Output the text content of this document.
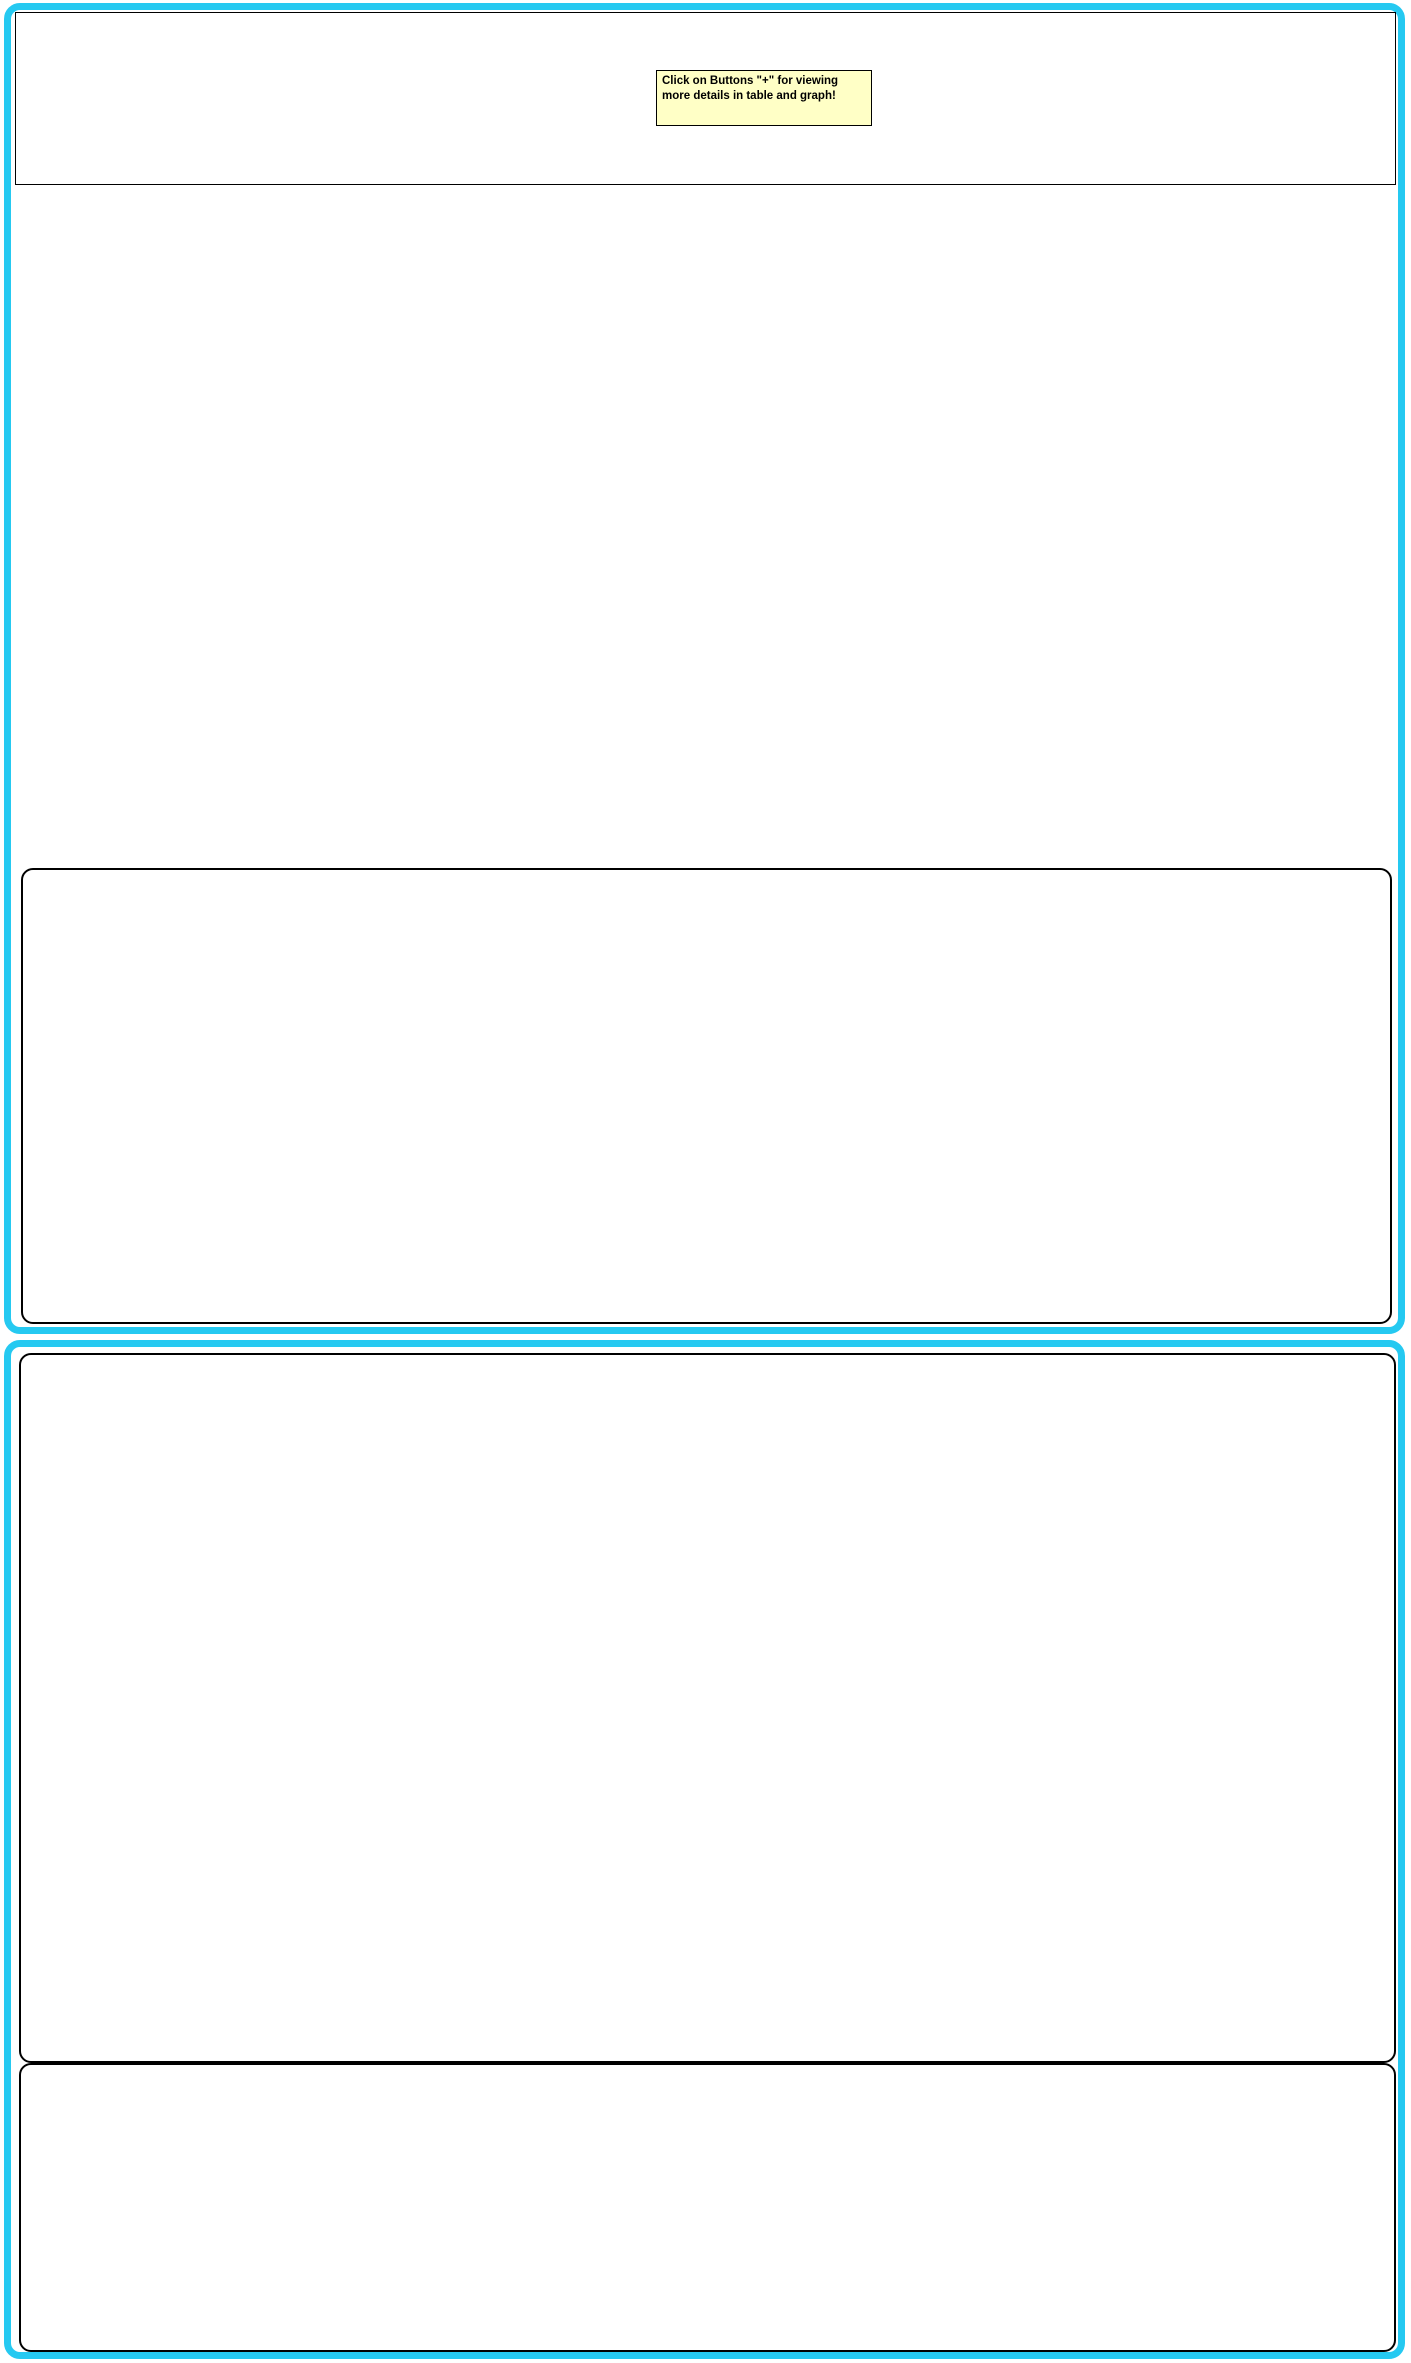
Click on Buttons "+" for viewing more details in table and graph!
